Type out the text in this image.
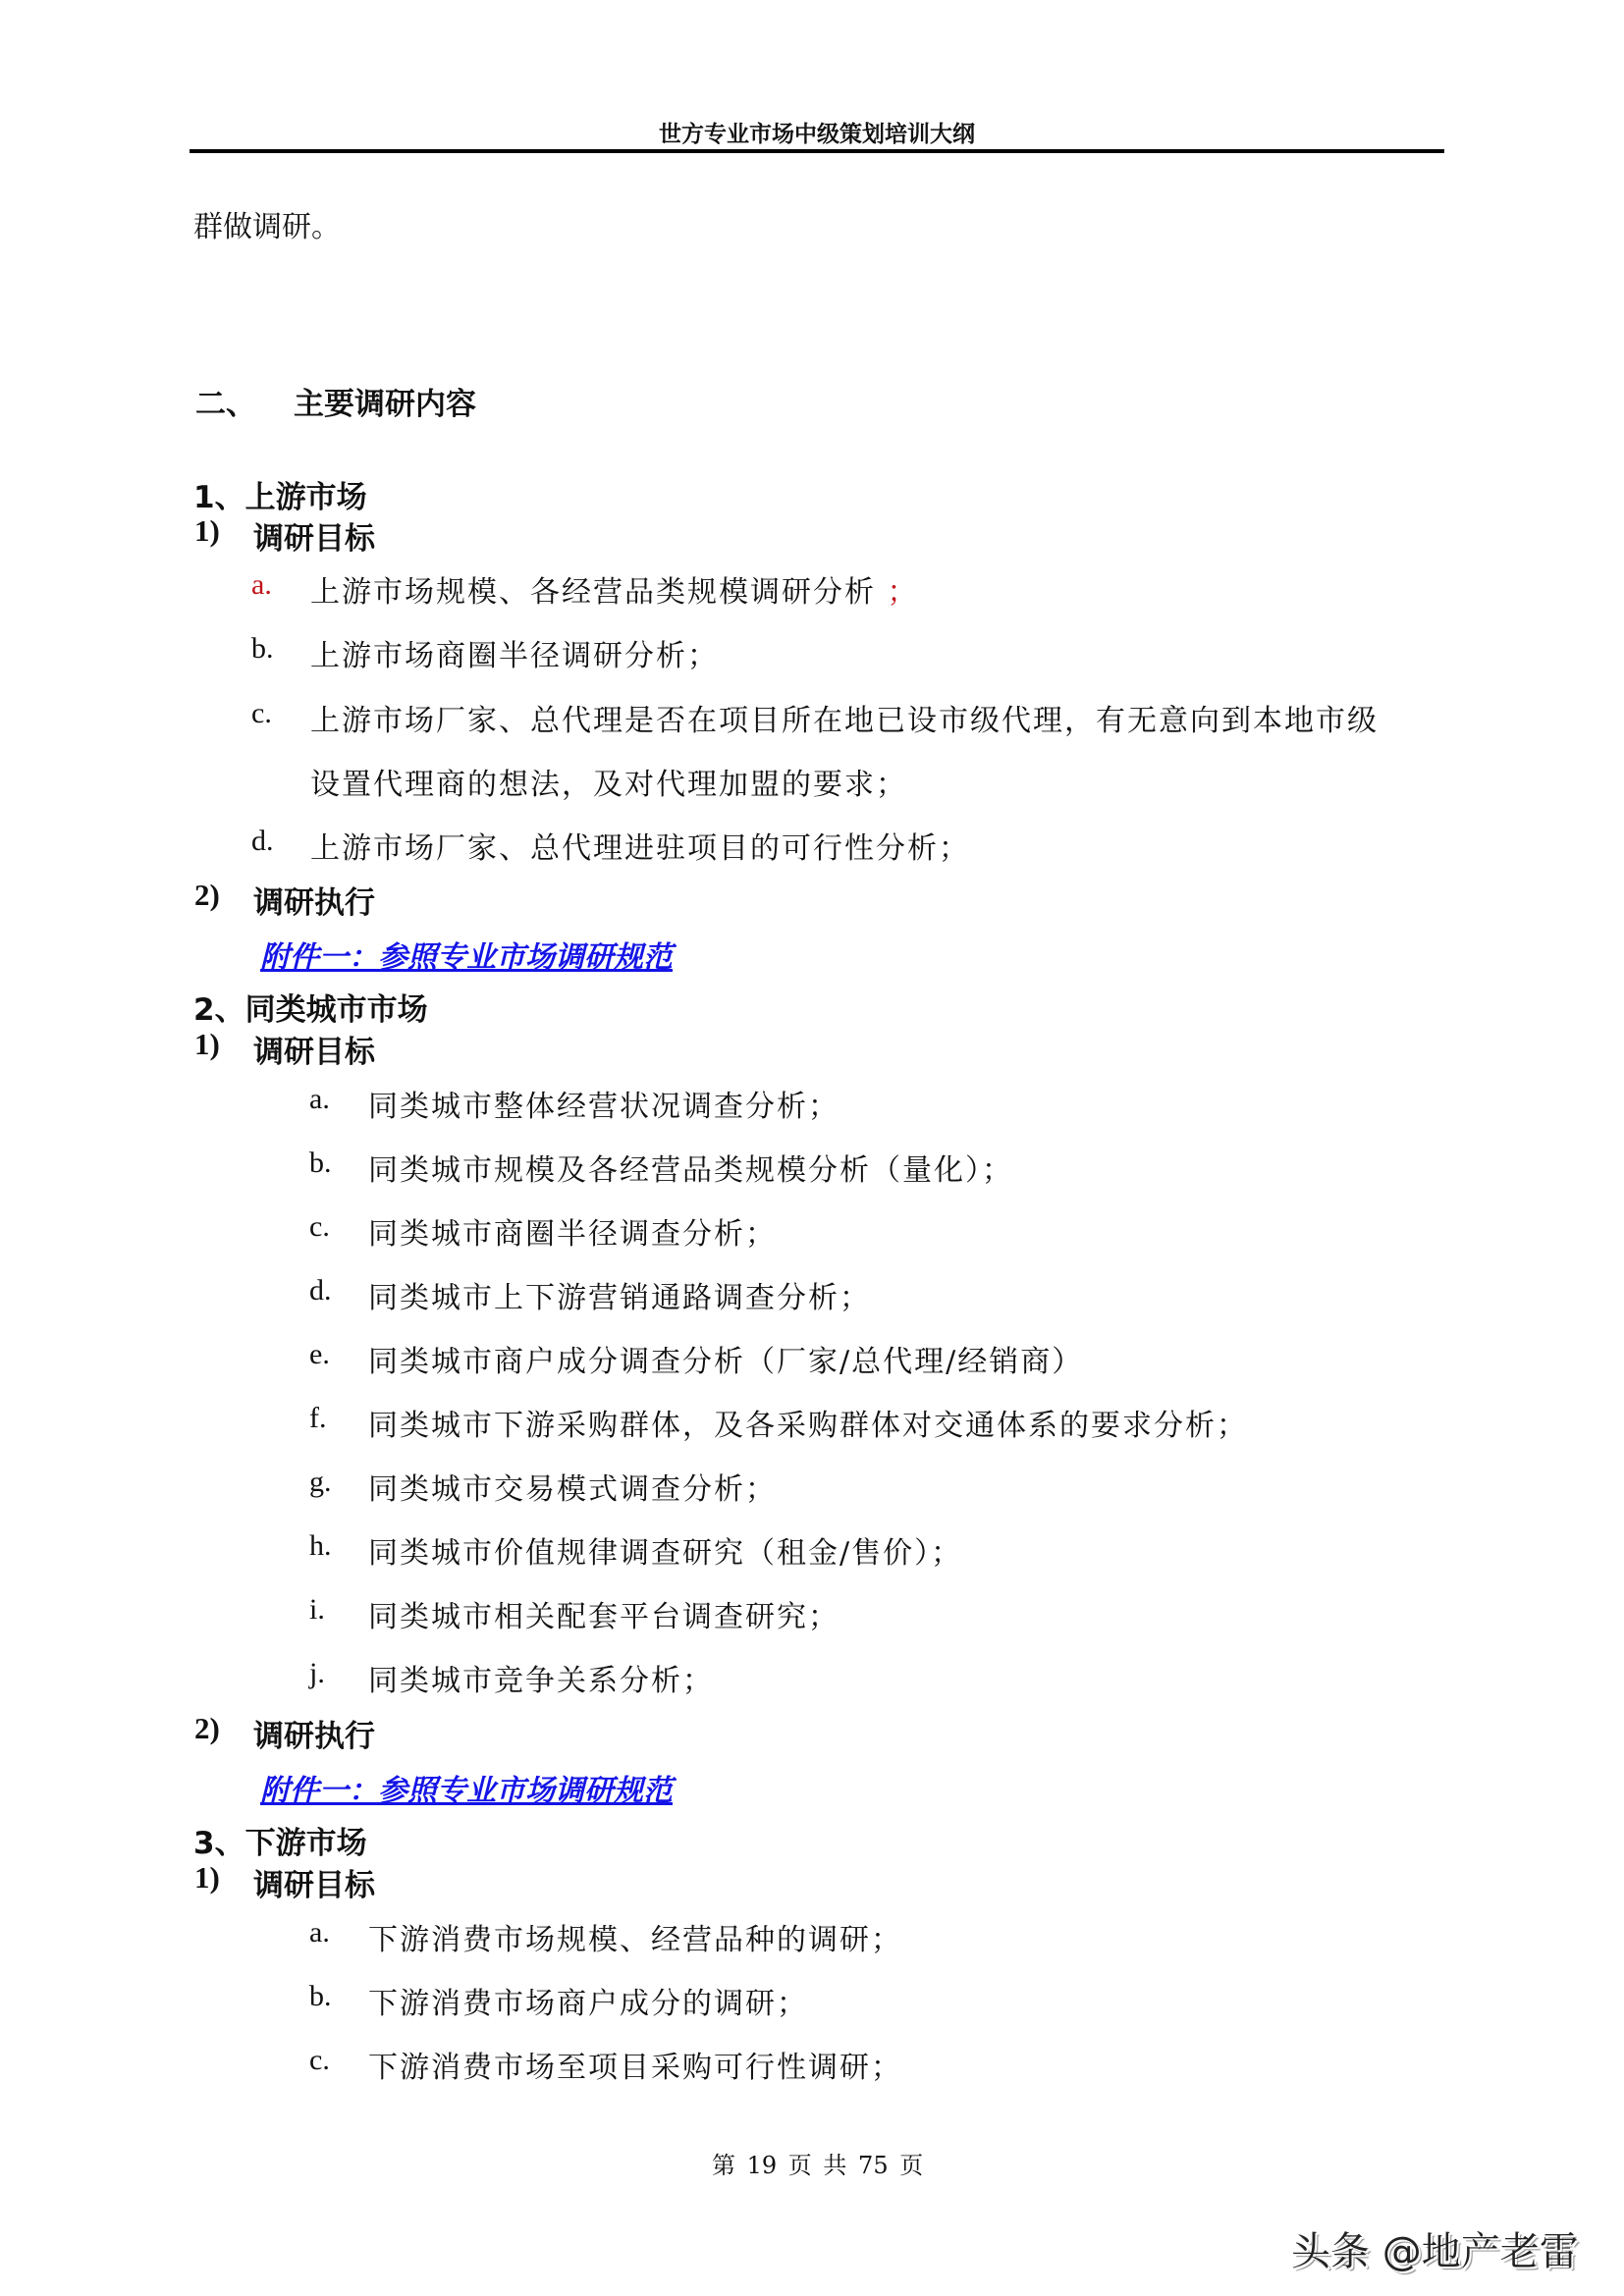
世方专业市场中级策划培训大纲
群做调研。
二、 主要调研内容
1、上游市场
1) 调研目标
a. 上游市场规模、各经营品类规模调研分析 ；
b. 上游市场商圈半径调研分析；
c. 上游市场厂家、总代理是否在项目所在地已设市级代理，有无意向到本地市级
设置代理商的想法，及对代理加盟的要求；
d. 上游市场厂家、总代理进驻项目的可行性分析；
2) 调研执行
附件一：参照专业市场调研规范
2、同类城市市场
1) 调研目标
a. 同类城市整体经营状况调查分析；
b. 同类城市规模及各经营品类规模分析（量化）；
c. 同类城市商圈半径调查分析；
d. 同类城市上下游营销通路调查分析；
e. 同类城市商户成分调查分析（厂家/总代理/经销商）
f. 同类城市下游采购群体，及各采购群体对交通体系的要求分析；
g. 同类城市交易模式调查分析；
h. 同类城市价值规律调查研究（租金/售价）；
i. 同类城市相关配套平台调查研究；
j. 同类城市竞争关系分析；
2) 调研执行
附件一：参照专业市场调研规范
3、下游市场
1) 调研目标
a. 下游消费市场规模、经营品种的调研；
b. 下游消费市场商户成分的调研；
c. 下游消费市场至项目采购可行性调研；
第 19 页 共 75 页
头条 @地产老雷
